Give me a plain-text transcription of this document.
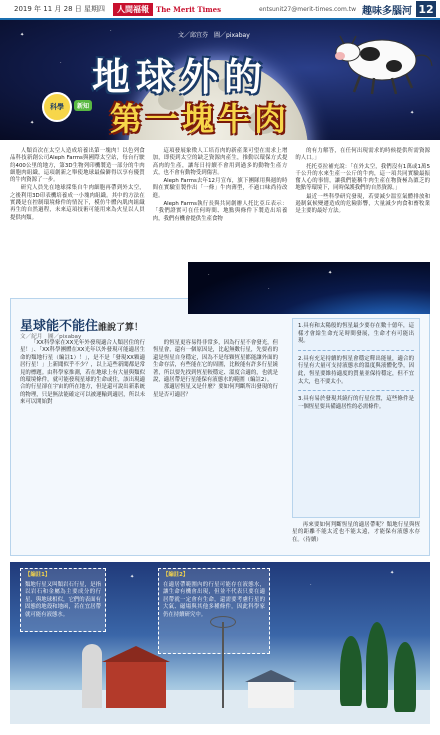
2019 年 11 月 28 日 星期四	人間福報	The Merit Times	entsunit27@merit-times.com.tw 趣味多腦河 12
✦
·
✦
✦
·
文／邱宜芬　圖／pixabay
科學	新知
地球外的
第一塊牛肉

人類首次在太空人造成培養出第一塊肉！以色列食品科技新創公司Aleph Farms與國際太空站，每台行駛約400公里的地方，第3D生物列印機製造一部分的牛肉細胞肉組織，這項創新之舉使地球最偏僻得以享有優質的牛肉資源了一步。

研究人員先在地球採集自牛肉細胞再帶到外太空，之後利用3D印表機培養成一小塊肉組織。其中的方法在實踐是在控制環境條件的情況下，模仿牛體內肌肉組織再生的自然過程，未來這項技術可能用來為火星以人員提供肉類。

這項發展象徵人工培育肉的新產業可望在需求上增加，即使到太空的缺乏資源肉產生，推動以環保方式提高肉的生產，讓每日持續不會用到過多的動物生產方式，也不會有動物受到傷害。

Aleph Farms去年12月宣布，旗下團隊用與週的時間在實驗室製作出「一條」牛肉薄型，不過口味尚待改進。

Aleph Farms執行長與共同創辦人托比亞丘表示：「我們證實可在任何時間、地點與條件下製造出培養肉，我們有機會提供生產食物

的有力解答，在任何出現需求的時候提供所需資源的人口。」

托托亞拉補充說：「在外太空，我們沒有1萬或1萬5千公升的水來生產一公斤的牛肉，這一項共同實驗最振奮人心的事情，讓我們能稱牛肉生產在物資極為匱乏的地點等環境下，同時保護我們的自然資源。」

最近一些科學研究發現，若要減少溫室氣體排放和遏制氣候變遷造成的危險影響，大量減少肉食和畜牧業是主要的最好方法。

·
·
✦
星球能不能住誰說了算！
文／紀月　圖／pixabay

「XX科學家在XX光年外發現適合人類居住的行星！」、「XX科學團體在XX光年以外發現可能適居生命的類地行星（編註1）！」，是不是「發現XX顆適居行星！」上新聞似乎不少？，以上這些新聞都是常見的標題。由科學家推測，若在地球上有大量與類似的環境條件，就可能發現星球的生命或住，該出現適合的行星卻在宇宙的所在地方，但是還可說出新系統的物理，只是無法能確定可以被運輸到適居，所以未來可以開始對

的恆星更容易得非常多，因為行星不會發光，但恆星會，還有一個原因是，比起無數行星，先要看的還是恆星自身穩定，因為不是每顆恆星都能讓外面的生命存活，有些能在它的周圍，比較能有許多行星繞著，所以要先找到恆星較穩定、溫度合適的，也就是說，適居帶是行星能保有液態水的範圍（編註2）。

那適居恆星又是什麼？要如何判斷所出發現的行星是否可適居？

1.具有和太陽般的恆星最少要存在數十億年，這樣才會給生命充足時間發展，生命才有可能出現。
2.具有充足持續的恆星會穩定釋出能量，適合的行星有大量可支持液態水的溫度與液體化學，因此，恆星要維持適度的質量並保持穩定，但不宜太大，也不要太小。
3.具有易於發現其繞行的行星位置，這些條件是一個恆星要具備適居性的必需條件。
再來要如何判斷恆星的適居帶呢？類地行星與恆星的距離不能太近也不能太遠，才能保有液態水存在。（待續）
✦
·
✦
【編註1】
類地行星又叫類岩石行星，是指以岩石和金屬為主要成分的行星，與地球相似，它們的表面有固態的地殼和地函，若在宜居帶就可能有液態水。
【編註2】
在適居帶範圍內的行星可能存在液態水，讓生命有機會出現，但並不代表只要在適居帶就一定會有生命，還需要考慮行星的大氣、磁場與其他多種條件，因此科學家仍在持續研究中。
